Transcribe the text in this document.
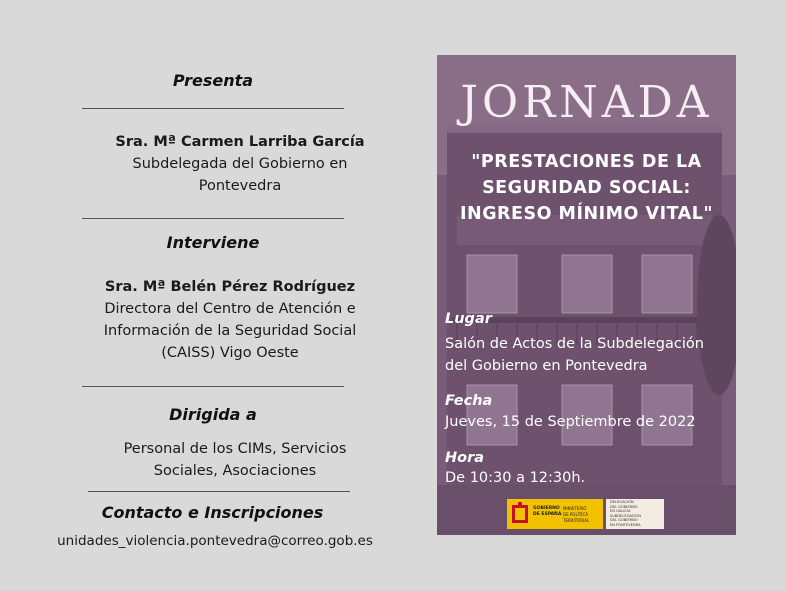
Presenta
Sra. Mª Carmen Larriba García
Subdelegada del Gobierno en
Pontevedra
Interviene
Sra. Mª Belén Pérez Rodríguez
Directora del Centro de Atención e
Información de la Seguridad Social
(CAISS) Vigo Oeste
Dirigida a
Personal de los CIMs, Servicios
Sociales, Asociaciones
Contacto e Inscripciones
unidades_violencia.pontevedra@correo.gob.es
JORNADA
"PRESTACIONES DE LA
SEGURIDAD SOCIAL:
INGRESO MÍNIMO VITAL"
Lugar
Salón de Actos de la Subdelegación
del Gobierno en Pontevedra
Fecha
Jueves, 15 de Septiembre de 2022
Hora
De 10:30 a 12:30h.
GOBIERNO
DE ESPAÑA
MINISTERIO
DE POLÍTICA TERRITORIAL
DELEGACIÓN
DEL GOBIERNO
EN GALICIA
SUBDELEGACIÓN
DEL GOBIERNO
EN PONTEVEDRA
